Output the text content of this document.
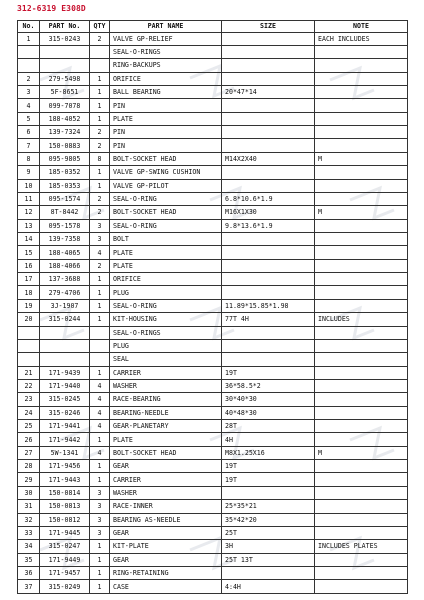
312-6319 E308D
No.	PART No.	QTY	PART NAME	SIZE	NOTE
1	315-0243	2	VALVE GP-RELIEF		EACH INCLUDES
			SEAL-O-RINGS		
			RING-BACKUPS		
2	279-5498	1	ORIFICE		
3	5F-8651	1	BALL BEARING	20*47*14	
4	099-7078	1	PIN		
5	188-4052	1	PLATE		
6	139-7324	2	PIN		
7	150-0883	2	PIN		
8	095-9805	8	BOLT-SOCKET HEAD	M14X2X40	M
9	185-0352	1	VALVE GP-SWING CUSHION		
10	185-0353	1	VALVE GP-PILOT		
11	095-1574	2	SEAL-O-RING	6.8*10.6*1.9	
12	8T-8442	2	BOLT-SOCKET HEAD	M16X1X30	M
13	095-1578	3	SEAL-O-RING	9.8*13.6*1.9	
14	139-7358	3	BOLT		
15	188-4065	4	PLATE		
16	188-4066	2	PLATE		
17	137-3688	1	ORIFICE		
18	279-4706	1	PLUG		
19	3J-1907	1	SEAL-O-RING	11.89*15.85*1.98	
20	315-0244	1	KIT-HOUSING	77T 4H	INCLUDES
			SEAL-O-RINGS		
			PLUG		
			SEAL		
21	171-9439	1	CARRIER	19T	
22	171-9440	4	WASHER	36*58.5*2	
23	315-0245	4	RACE-BEARING	30*40*30	
24	315-0246	4	BEARING-NEEDLE	40*48*30	
25	171-9441	4	GEAR-PLANETARY	28T	
26	171-9442	1	PLATE	4H	
27	5W-1341	4	BOLT-SOCKET HEAD	M8X1.25X16	M
28	171-9456	1	GEAR	19T	
29	171-9443	1	CARRIER	19T	
30	150-0814	3	WASHER		
31	150-0813	3	RACE-INNER	25*35*21	
32	150-0812	3	BEARING AS-NEEDLE	35*42*20	
33	171-9445	3	GEAR	25T	
34	315-0247	1	KIT-PLATE	3H	INCLUDES PLATES
35	171-9449	1	GEAR	25T 13T	
36	171-9457	1	RING-RETAINING		
37	315-0249	1	CASE	4:4H	
